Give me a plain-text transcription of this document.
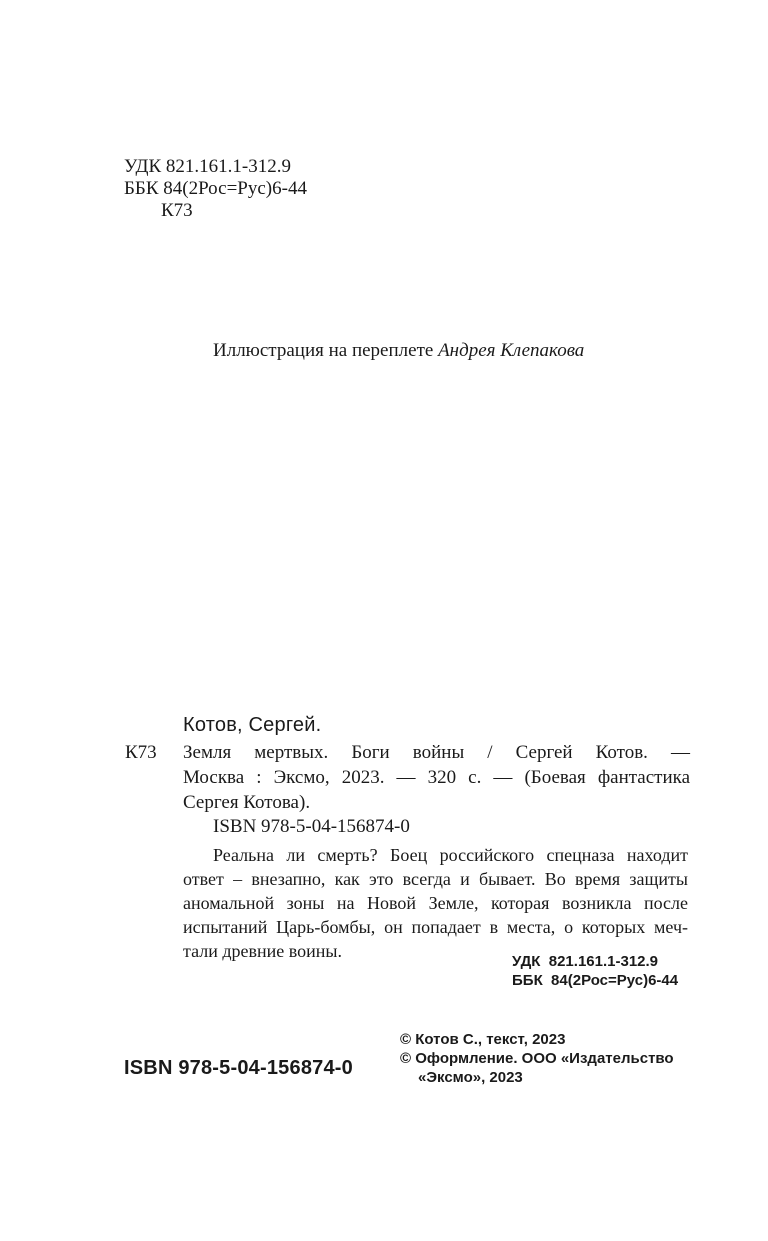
УДК 821.161.1-312.9
ББК 84(2Рос=Рус)6-44
К73
Иллюстрация на переплете Андрея Клепакова
Котов, Сергей.
К73 Земля мертвых. Боги войны / Сергей Котов. —
Москва : Эксмо, 2023. — 320 с. — (Боевая фантастика
Сергея Котова).
ISBN 978-5-04-156874-0
Реальна ли смерть? Боец российского спецназа находит
ответ – внезапно, как это всегда и бывает. Во время защиты
аномальной зоны на Новой Земле, которая возникла после
испытаний Царь-бомбы, он попадает в места, о которых меч-
тали древние воины.
УДК  821.161.1-312.9
ББК  84(2Рос=Рус)6-44
ISBN 978-5-04-156874-0
© Котов С., текст, 2023
© Оформление. ООО «Издательство
«Эксмо», 2023
